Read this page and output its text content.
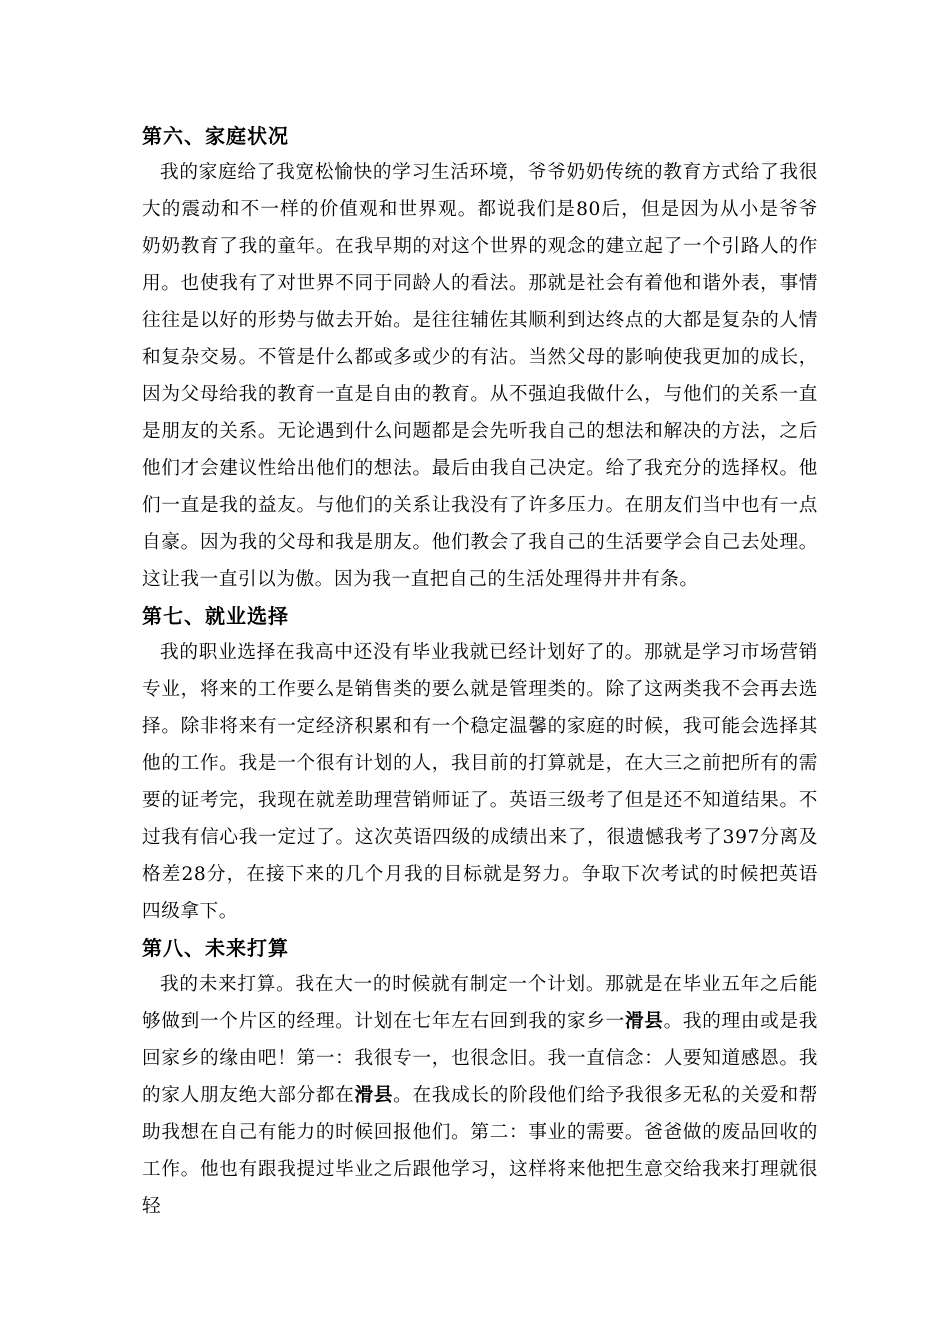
第六、家庭状况

我的家庭给了我宽松愉快的学习生活环境，爷爷奶奶传统的教育方式给了我很大的震动和不一样的价值观和世界观。都说我们是80后，但是因为从小是爷爷奶奶教育了我的童年。在我早期的对这个世界的观念的建立起了一个引路人的作用。也使我有了对世界不同于同龄人的看法。那就是社会有着他和谐外表，事情往往是以好的形势与做去开始。是往往辅佐其顺利到达终点的大都是复杂的人情和复杂交易。不管是什么都或多或少的有沾。当然父母的影响使我更加的成长，因为父母给我的教育一直是自由的教育。从不强迫我做什么，与他们的关系一直是朋友的关系。无论遇到什么问题都是会先听我自己的想法和解决的方法，之后他们才会建议性给出他们的想法。最后由我自己决定。给了我充分的选择权。他们一直是我的益友。与他们的关系让我没有了许多压力。在朋友们当中也有一点自豪。因为我的父母和我是朋友。他们教会了我自己的生活要学会自己去处理。这让我一直引以为傲。因为我一直把自己的生活处理得井井有条。

第七、就业选择

我的职业选择在我高中还没有毕业我就已经计划好了的。那就是学习市场营销专业，将来的工作要么是销售类的要么就是管理类的。除了这两类我不会再去选择。除非将来有一定经济积累和有一个稳定温馨的家庭的时候，我可能会选择其他的工作。我是一个很有计划的人，我目前的打算就是，在大三之前把所有的需要的证考完，我现在就差助理营销师证了。英语三级考了但是还不知道结果。不过我有信心我一定过了。这次英语四级的成绩出来了，很遗憾我考了397分离及格差28分，在接下来的几个月我的目标就是努力。争取下次考试的时候把英语四级拿下。

第八、未来打算

我的未来打算。我在大一的时候就有制定一个计划。那就是在毕业五年之后能够做到一个片区的经理。计划在七年左右回到我的家乡一滑县。我的理由或是我回家乡的缘由吧！第一：我很专一，也很念旧。我一直信念：人要知道感恩。我的家人朋友绝大部分都在滑县。在我成长的阶段他们给予我很多无私的关爱和帮助我想在自己有能力的时候回报他们。第二：事业的需要。爸爸做的废品回收的工作。他也有跟我提过毕业之后跟他学习，这样将来他把生意交给我来打理就很轻
